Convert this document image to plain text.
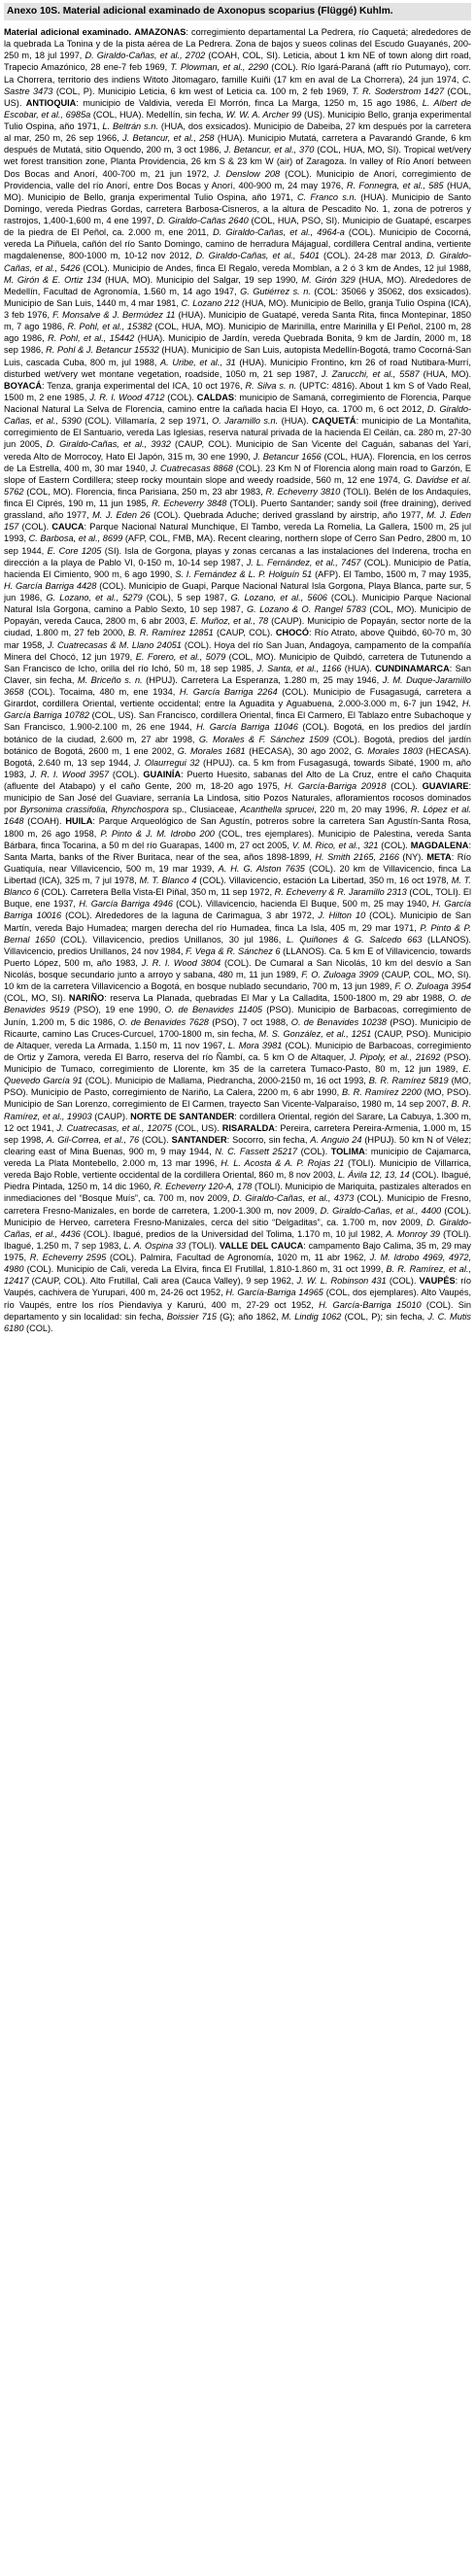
Anexo 10S. Material adicional examinado de Axonopus scoparius (Flüggé) Kuhlm.

Material adicional examinado. AMAZONAS: corregimiento departamental La Pedrera, río Caquetá; alrededores de la quebrada La Tonina y de la pista aérea de La Pedrera. Zona de bajos y sueos colinas del Escudo Guayanés, 200-250 m, 18 jul 1997, D. Giraldo-Cañas, et al., 2702 (COAH, COL, SI). Leticia, about 1 km NE of town along dirt road, Trapecio Amazónico, 28 ene-7 feb 1969, T. Plowman, et al., 2290 (COL). Río Igará-Paraná (afft río Putumayo), corr. La Chorrera, territorio des indiens Witoto Jitomagaro, famille Kuiñi (17 km en aval de La Chorrera), 24 jun 1974, C. Sastre 3473 (COL, P). Municipio Leticia, 6 km west of Leticia ca. 100 m, 2 feb 1969, T. R. Soderstrom 1427 (COL, US). ANTIOQUIA: municipio de Valdivia, vereda El Morrón, finca La Marga, 1250 m, 15 ago 1986, L. Albert de Escobar, et al., 6985a (COL, HUA). Medellín, sin fecha, W. W. A. Archer 99 (US). Municipio Bello, granja experimental Tulio Ospina, año 1971, L. Beltrán s.n. (HUA, dos exsicados). Municipio de Dabeiba, 27 km después por la carretera al mar, 250 m, 26 sep 1966, J. Betancur, et al., 258 (HUA). Municipio Mutatá, carretera a Pavarandó Grande, 6 km después de Mutatá, sitio Oquendo, 200 m, 3 oct 1986, J. Betancur, et al., 370 (COL, HUA, MO, SI). Tropical wet/very wet forest transition zone, Planta Providencia, 26 km S & 23 km W (air) of Zaragoza. In valley of Río Anorí between Dos Bocas and Anorí, 400-700 m, 21 jun 1972, J. Denslow 208 (COL). Municipio de Anorí, corregimiento de Providencia, valle del río Anorí, entre Dos Bocas y Anorí, 400-900 m, 24 may 1976, R. Fonnegra, et al., 585 (HUA, MO). Municipio de Bello, granja experimental Tulio Ospina, año 1971, C. Franco s.n. (HUA). Municipio de Santo Domingo, vereda Piedras Gordas, carretera Barbosa-Cisneros, a la altura de Pescadito No. 1, zona de potreros y rastrojos, 1,400-1,600 m, 4 ene 1997, D. Giraldo-Cañas 2640 (COL, HUA, PSO, SI). Municipio de Guatapé, escarpes de la piedra de El Peñol, ca. 2.000 m, ene 2011, D. Giraldo-Cañas, et al., 4964-a (COL). Municipio de Cocorná, vereda La Piñuela, cañón del río Santo Domingo, camino de herradura Májagual, cordillera Central andina, vertiente magdalenense, 800-1000 m, 10-12 nov 2012, D. Giraldo-Cañas, et al., 5401 (COL). 24-28 mar 2013, D. Giraldo-Cañas, et al., 5426 (COL). Municipio de Andes, finca El Regalo, vereda Momblan, a 2 ó 3 km de Andes, 12 jul 1988, M. Girón & E. Ortiz 134 (HUA, MO). Municipio del Salgar, 19 sep 1990, M. Girón 329 (HUA, MO). Alrededores de Medellín, Facultad de Agronomía, 1.560 m, 14 ago 1947, G. Gutiérrez s. n. (COL: 35066 y 35062, dos exsicados). Municipio de San Luis, 1440 m, 4 mar 1981, C. Lozano 212 (HUA, MO). Municipio de Bello, granja Tulio Ospina (ICA), 3 feb 1976, F. Monsalve & J. Bermúdez 11 (HUA). Municipio de Guatapé, vereda Santa Rita, finca Montepinar, 1850 m, 7 ago 1986, R. Pohl, et al., 15382 (COL, HUA, MO). Municipio de Marinilla, entre Marinilla y El Peñol, 2100 m, 28 ago 1986, R. Pohl, et al., 15442 (HUA). Municipio de Jardín, vereda Quebrada Bonita, 9 km de Jardín, 2000 m, 18 sep 1986, R. Pohl & J. Betancur 15532 (HUA). Municipio de San Luis, autopista Medellín-Bogotá, tramo Cocorná-San Luis, cascada Cuba, 800 m, jul 1988, A. Uribe, et al., 31 (HUA). Municipio Frontino, km 26 of road Nutibara-Murrí, disturbed wet/very wet montane vegetation, roadside, 1050 m, 21 sep 1987, J. Zarucchi, et al., 5587 (HUA, MO). BOYACÁ: Tenza, granja experimental del ICA, 10 oct 1976, R. Silva s. n. (UPTC: 4816). About 1 km S of Vado Real, 1500 m, 2 ene 1985, J. R. I. Wood 4712 (COL). CALDAS: municipio de Samaná, corregimiento de Florencia, Parque Nacional Natural La Selva de Florencia, camino entre la cañada hacia El Hoyo, ca. 1700 m, 6 oct 2012, D. Giraldo-Cañas, et al., 5390 (COL). Villamaría, 2 sep 1971, O. Jaramillo s.n. (HUA). CAQUETÁ: municipio de La Montañita, corregimiento de El Santuario, vereda Las Iglesias, reserva natural privada de la hacienda El Ceilán, ca. 280 m, 27-30 jun 2005, D. Giraldo-Cañas, et al., 3932 (CAUP, COL). Municipio de San Vicente del Caguán, sabanas del Yarí, vereda Alto de Morrocoy, Hato El Japón, 315 m, 30 ene 1990, J. Betancur 1656 (COL, HUA). Florencia, en los cerros de La Estrella, 400 m, 30 mar 1940, J. Cuatrecasas 8868 (COL). 23 Km N of Florencia along main road to Garzón, E slope of Eastern Cordillera; steep rocky mountain slope and weedy roadside, 560 m, 12 ene 1974, G. Davidse et al. 5762 (COL, MO). Florencia, finca Parisiana, 250 m, 23 abr 1983, R. Echeverry 3810 (TOLI). Belén de los Andaquíes, finca El Ciprés, 190 m, 11 jun 1985, R. Echeverry 3848 (TOLI). Puerto Santander; sandy soil (free draining), derived grassland, año 1977, M. J. Eden 26 (COL). Quebrada Aduche; derived grassland by airstrip, año 1977, M. J. Eden 157 (COL). CAUCA: Parque Nacional Natural Munchique, El Tambo, vereda La Romelia, La Gallera, 1500 m, 25 jul 1993, C. Barbosa, et al., 8699 (AFP, COL, FMB, MA). Recent clearing, northern slope of Cerro San Pedro, 2800 m, 10 sep 1944, E. Core 1205 (SI). Isla de Gorgona, playas y zonas cercanas a las instalaciones del Inderena, trocha en dirección a la playa de Pablo VI, 0-150 m, 10-14 sep 1987, J. L. Fernández, et al., 7457 (COL). Municipio de Patía, hacienda El Cimiento, 900 m, 6 ago 1990, S. I. Fernández & L. P. Holguín 51 (AFP). El Tambo, 1500 m, 7 may 1935, H. García Barriga 4428 (COL). Municipio de Guapi, Parque Nacional Natural Isla Gorgona, Playa Blanca, parte sur, 5 jun 1986, G. Lozano, et al., 5279 (COL), 5 sep 1987, G. Lozano, et al., 5606 (COL). Municipio Parque Nacional Natural Isla Gorgona, camino a Pablo Sexto, 10 sep 1987, G. Lozano & O. Rangel 5783 (COL, MO). Municipio de Popayán, vereda Cauca, 2800 m, 6 abr 2003, E. Muñoz, et al., 78 (CAUP). Municipio de Popayán, sector norte de la ciudad, 1.800 m, 27 feb 2000, B. R. Ramírez 12851 (CAUP, COL). CHOCÓ: Río Atrato, above Quibdó, 60-70 m, 30 mar 1958, J. Cuatrecasas & M. Llano 24051 (COL). Hoya del río San Juan, Andagoya, campamento de la compañía Minera del Chocó, 12 jun 1979, E. Forero, et al., 5079 (COL, MO). Municipio de Quibdó, carretera de Tutunendo a San Francisco de Icho, orilla del río Ichó, 50 m, 18 sep 1985, J. Santa, et al., 1166 (HUA). CUNDINAMARCA: San Claver, sin fecha, M. Briceño s. n. (HPUJ). Carretera La Esperanza, 1.280 m, 25 may 1946, J. M. Duque-Jaramillo 3658 (COL). Tocaima, 480 m, ene 1934, H. García Barriga 2264 (COL). Municipio de Fusagasugá, carretera a Girardot, cordillera Oriental, vertiente occidental; entre la Aguadita y Aguabuena, 2.000-3.000 m, 6-7 jun 1942, H. García Barriga 10782 (COL, US). San Francisco, cordillera Oriental, finca El Carmero, El Tablazo entre Subachoque y San Francisco, 1.900-2.100 m, 26 ene 1944, H. García Barriga 11046 (COL). Bogotá, en los predios del jardín botánico de la ciudad, 2.600 m, 27 abr 1998, G. Morales & F. Sánchez 1509 (COL). Bogotá, predios del jardín botánico de Bogotá, 2600 m, 1 ene 2002, G. Morales 1681 (HECASA), 30 ago 2002, G. Morales 1803 (HECASA). Bogotá, 2.640 m, 13 sep 1944, J. Olaurregui 32 (HPUJ). ca. 5 km from Fusagasugá, towards Sibaté, 1900 m, año 1983, J. R. I. Wood 3957 (COL). GUAINÍA: Puerto Huesito, sabanas del Alto de La Cruz, entre el caño Chaquita (afluente del Atabapo) y el caño Gente, 200 m, 18-20 ago 1975, H. García-Barriga 20918 (COL). GUAVIARE: municipio de San José del Guaviare, serranía La Lindosa, sitio Pozos Naturales, afloramientos rocosos dominados por Byrsonima crassifolia, Rhynchospora sp., Clusiaceae, Acanthella sprucei, 220 m, 20 may 1996, R. López et al. 1648 (COAH). HUILA: Parque Arqueológico de San Agustín, potreros sobre la carretera San Agustín-Santa Rosa, 1800 m, 26 ago 1958, P. Pinto & J. M. Idrobo 200 (COL, tres ejemplares). Municipio de Palestina, vereda Santa Bárbara, finca Tocarina, a 50 m del río Guarapas, 1400 m, 27 oct 2005, V. M. Rico, et al., 321 (COL). MAGDALENA: Santa Marta, banks of the River Buritaca, near of the sea, años 1898-1899, H. Smith 2165, 2166 (NY). META: Río Guatiquía, near Villavicencio, 500 m, 19 mar 1939, A. H. G. Alston 7635 (COL). 20 km de Villavicencio, finca La Libertad (ICA), 325 m, 7 jul 1978, M. T. Blanco 4 (COL). Villavicencio, estación La Libertad, 350 m, 16 oct 1978, M. T. Blanco 6 (COL). Carretera Bella Vista-El Piñal, 350 m, 11 sep 1972, R. Echeverry & R. Jaramillo 2313 (COL, TOLI). El Buque, ene 1937, H. García Barriga 4946 (COL). Villavicencio, hacienda El Buque, 500 m, 25 may 1940, H. García Barriga 10016 (COL). Alrededores de la laguna de Carimagua, 3 abr 1972, J. Hilton 10 (COL). Municipio de San Martín, vereda Bajo Humadea; margen derecha del río Humadea, finca La Isla, 405 m, 29 mar 1971, P. Pinto & P. Bernal 1650 (COL). Villavicencio, predios Unillanos, 30 jul 1986, L. Quiñones & G. Salcedo 663 (LLANOS). Villavicencio, predios Unillanos, 24 nov 1984, F. Vega & R. Sánchez 6 (LLANOS). Ca. 5 km E of Villavicencio, towards Puerto López, 500 m, año 1983, J. R. I. Wood 3804 (COL). De Cumaral a San Nicolás, 10 km del desvío a San Nicolás, bosque secundario junto a arroyo y sabana, 480 m, 11 jun 1989, F. O. Zuloaga 3909 (CAUP, COL, MO, SI). 10 km de la carretera Villavicencio a Bogotá, en bosque nublado secundario, 700 m, 13 jun 1989, F. O. Zuloaga 3954 (COL, MO, SI). NARIÑO: reserva La Planada, quebradas El Mar y La Calladita, 1500-1800 m, 29 abr 1988, O. de Benavides 9519 (PSO), 19 ene 1990, O. de Benavides 11405 (PSO). Municipio de Barbacoas, corregimiento de Junín, 1.200 m, 5 dic 1986, O. de Benavides 7628 (PSO), 7 oct 1988, O. de Benavides 10238 (PSO). Municipio de Ricaurte, camino Las Cruces-Curcuel, 1700-1800 m, sin fecha, M. S. González, et al., 1251 (CAUP, PSO). Municipio de Altaquer, vereda La Armada, 1.150 m, 11 nov 1967, L. Mora 3981 (COL). Municipio de Barbacoas, corregimiento de Ortiz y Zamora, vereda El Barro, reserva del río Ñambí, ca. 5 km O de Altaquer, J. Pipoly, et al., 21692 (PSO). Municipio de Tumaco, corregimiento de Llorente, km 35 de la carretera Tumaco-Pasto, 80 m, 12 jun 1989, E. Quevedo García 91 (COL). Municipio de Mallama, Piedrancha, 2000-2150 m, 16 oct 1993, B. R. Ramírez 5819 (MO, PSO). Municipio de Pasto, corregimiento de Nariño, La Calera, 2200 m, 6 abr 1990, B. R. Ramírez 2200 (MO, PSO). Municipio de San Lorenzo, corregimiento de El Carmen, trayecto San Vicente-Valparaíso, 1980 m, 14 sep 2007, B. R. Ramírez, et al., 19903 (CAUP). NORTE DE SANTANDER: cordillera Oriental, región del Sarare, La Cabuya, 1.300 m, 12 oct 1941, J. Cuatrecasas, et al., 12075 (COL, US). RISARALDA: Pereira, carretera Pereira-Armenia, 1.000 m, 15 sep 1998, A. Gil-Correa, et al., 76 (COL). SANTANDER: Socorro, sin fecha, A. Anguio 24 (HPUJ). 50 km N of Vélez; clearing east of Mina Buenas, 900 m, 9 may 1944, N. C. Fassett 25217 (COL). TOLIMA: municipio de Cajamarca, vereda La Plata Montebello, 2.000 m, 13 mar 1996, H. L. Acosta & A. P. Rojas 21 (TOLI). Municipio de Villarrica, vereda Bajo Roble, vertiente occidental de la cordillera Oriental, 860 m, 8 nov 2003, L. Ávila 12, 13, 14 (COL). Ibagué, Piedra Pintada, 1250 m, 14 dic 1960, R. Echeverry 120-A, 178 (TOLI). Municipio de Mariquita, pastizales alterados en inmediaciones del “Bosque Muís”, ca. 700 m, nov 2009, D. Giraldo-Cañas, et al., 4373 (COL). Municipio de Fresno, carretera Fresno-Manizales, en borde de carretera, 1.200-1.300 m, nov 2009, D. Giraldo-Cañas, et al., 4400 (COL). Municipio de Herveo, carretera Fresno-Manizales, cerca del sitio “Delgaditas”, ca. 1.700 m, nov 2009, D. Giraldo-Cañas, et al., 4436 (COL). Ibagué, predios de la Universidad del Tolima, 1.170 m, 10 jul 1982, A. Monroy 39 (TOLI). Ibagué, 1.250 m, 7 sep 1983, L. A. Ospina 33 (TOLI). VALLE DEL CAUCA: campamento Bajo Calima, 35 m, 29 may 1975, R. Echeverry 2595 (COL). Palmira, Facultad de Agronomía, 1020 m, 11 abr 1962, J. M. Idrobo 4969, 4972, 4980 (COL). Municipio de Cali, vereda La Elvira, finca El Frutillal, 1.810-1.860 m, 31 oct 1999, B. R. Ramírez, et al., 12417 (CAUP, COL). Alto Frutillal, Cali area (Cauca Valley), 9 sep 1962, J. W. L. Robinson 431 (COL). VAUPÉS: río Vaupés, cachivera de Yurupari, 400 m, 24-26 oct 1952, H. García-Barriga 14965 (COL, dos ejemplares). Alto Vaupés, río Vaupés, entre los ríos Piendaviya y Karurú, 400 m, 27-29 oct 1952, H. García-Barriga 15010 (COL). Sin departamento y sin localidad: sin fecha, Boissier 715 (G); año 1862, M. Lindig 1062 (COL, P); sin fecha, J. C. Mutis 6180 (COL).
